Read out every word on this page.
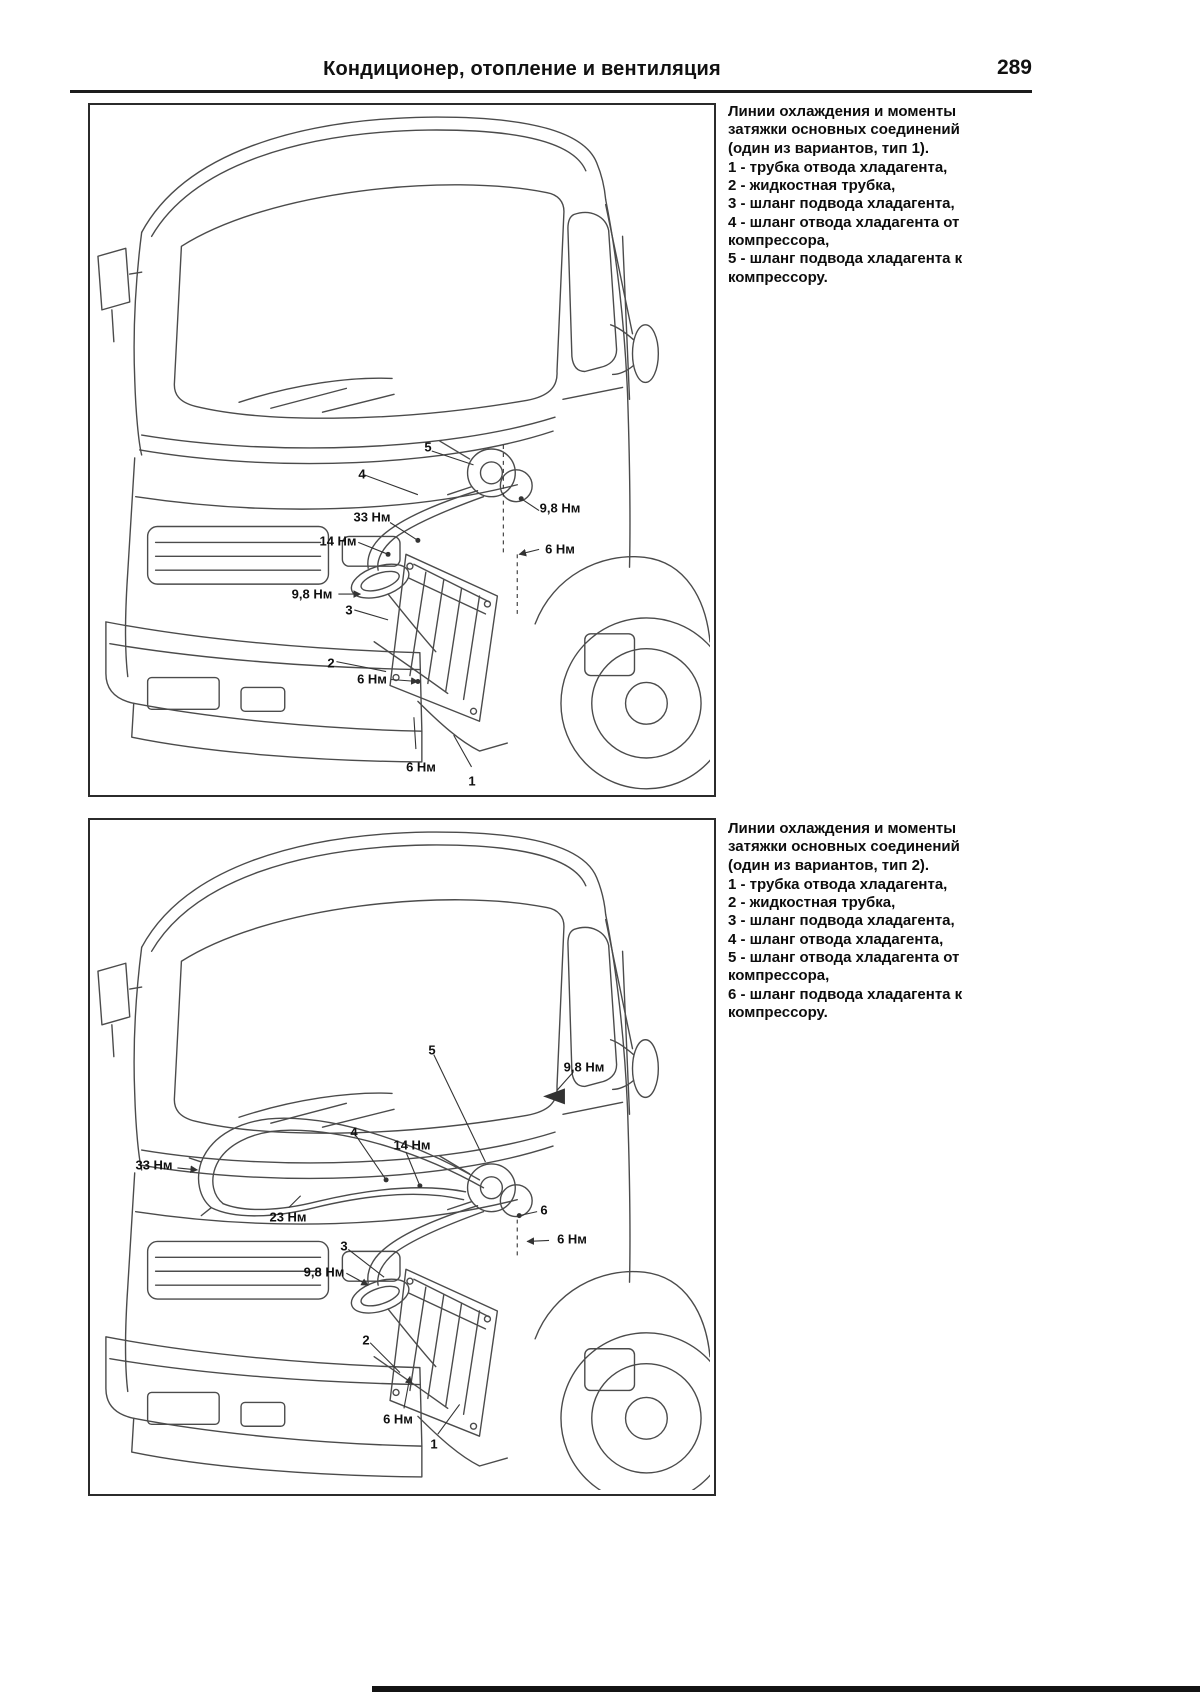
Кондиционер, отопление и вентиляция	289
5
4
33 Нм
14 Нм
9,8 Нм
6 Нм
9,8 Нм
3
2
6 Нм
6 Нм
1
Линии охлаждения и моменты затяжки основных соединений (один из вариантов, тип 1).
1 - трубка отвода хладагента,
2 - жидкостная трубка,
3 - шланг подвода хладагента,
4 - шланг отвода хладагента от компрессора,
5 - шланг подвода хладагента к компрессору.
5
9,8 Нм
4
14 Нм
33 Нм
23 Нм	6
6 Нм
3
9,8 Нм
2
6 Нм
1
Линии охлаждения и моменты затяжки основных соединений (один из вариантов, тип 2).
1 - трубка отвода хладагента,
2 - жидкостная трубка,
3 - шланг подвода хладагента,
4 - шланг отвода хладагента,
5 - шланг отвода хладагента от компрессора,
6 - шланг подвода хладагента к компрессору.
